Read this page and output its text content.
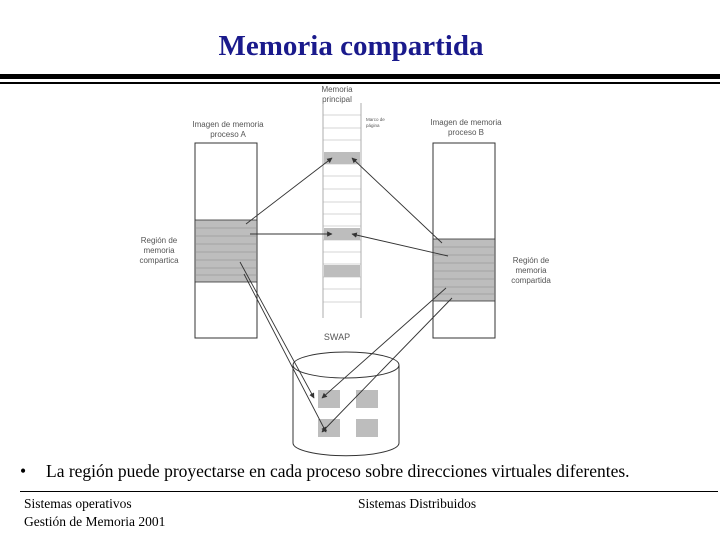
Memoria compartida
Memoria principal
Marco de página
Imagen de memoria proceso A
Imagen de memoria proceso B
Región de memoria compartica	Región de memoria compartida
SWAP
• La región puede proyectarse en cada proceso sobre direcciones virtuales diferentes.
Sistemas operativos
Gestión de Memoria 2001
Sistemas Distribuidos
